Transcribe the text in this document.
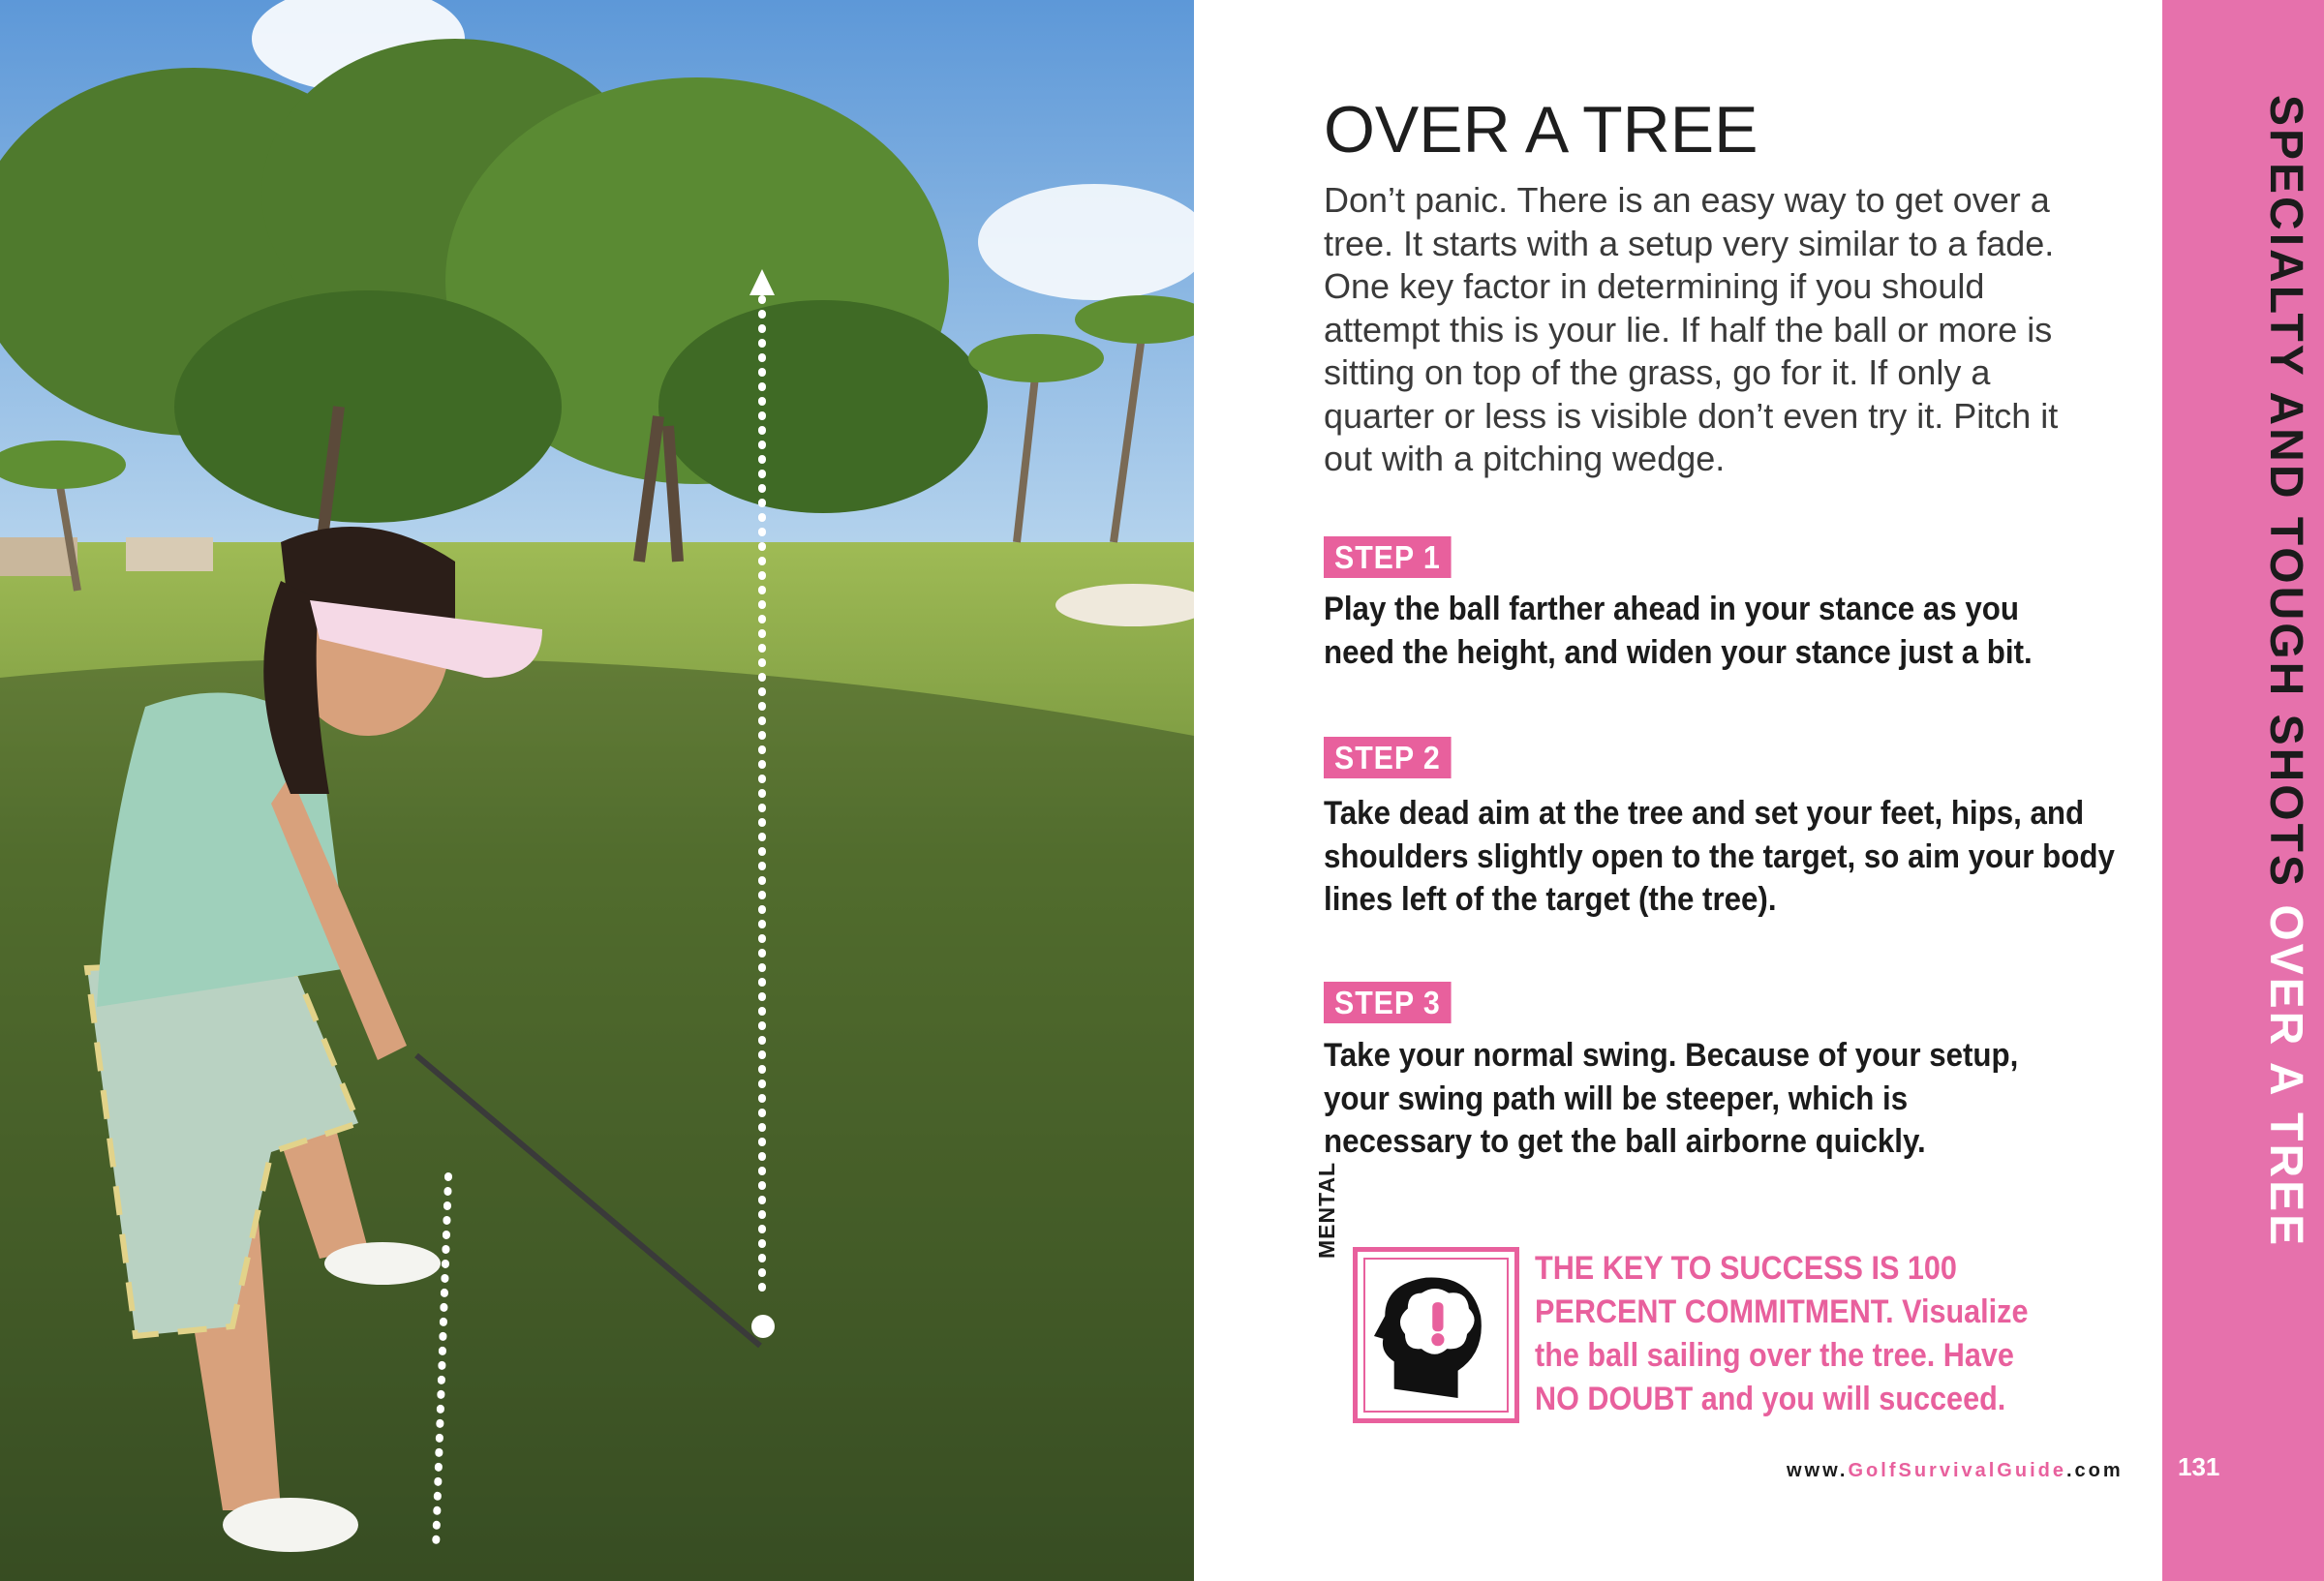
OVER A TREE

Don’t panic. There is an easy way to get over a tree. It starts with a setup very similar to a fade. One key factor in determining if you should attempt this is your lie. If half the ball or more is sitting on top of the grass, go for it. If only a quarter or less is visible don’t even try it. Pitch it out with a pitching wedge.

STEP 1

Play the ball farther ahead in your stance as you need the height, and widen your stance just a bit.

STEP 2

Take dead aim at the tree and set your feet, hips, and shoulders slightly open to the target, so aim your body lines left of the target (the tree).

STEP 3

Take your normal swing. Because of your setup, your swing path will be steeper, which is necessary to get the ball airborne quickly.

MENTAL

THE KEY TO SUCCESS IS 100 PERCENT COMMITMENT. Visualize the ball sailing over the tree. Have NO DOUBT and you will succeed.

www.GolfSurvivalGuide.com
SPECIALTY AND TOUGH SHOTS OVER A TREE
131
